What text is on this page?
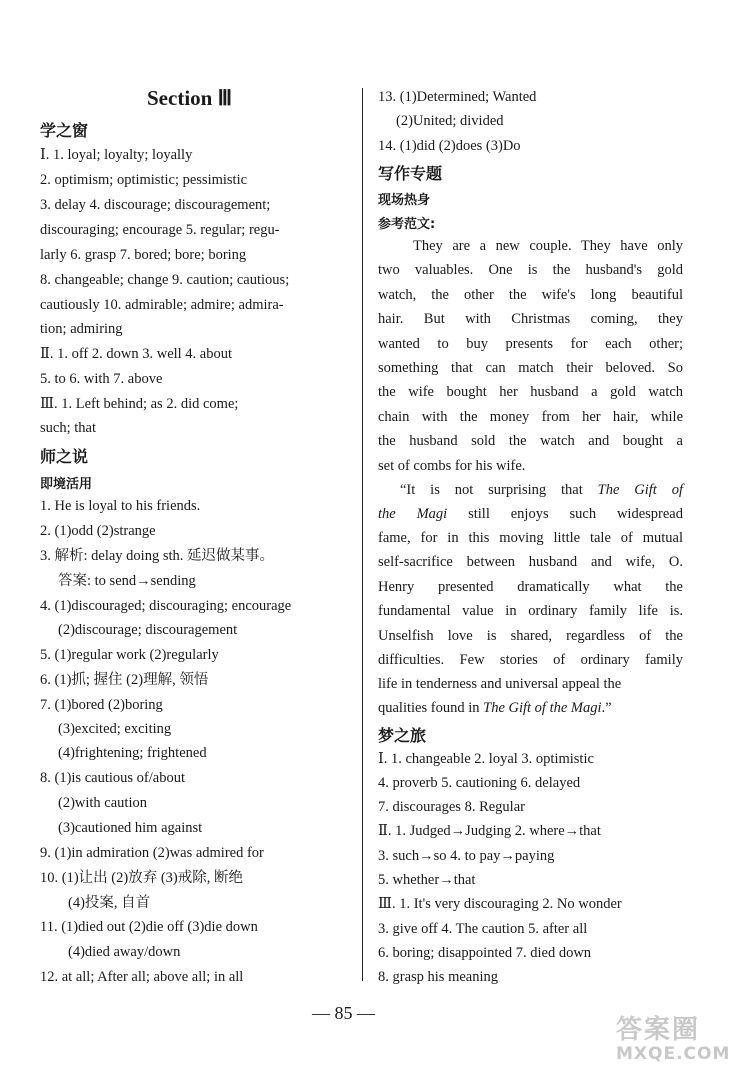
Section Ⅲ
学之窗
Ⅰ. 1. loyal; loyalty; loyally
2. optimism; optimistic; pessimistic
3. delay 4. discourage; discouragement;
discouraging; encourage 5. regular; regu-
larly 6. grasp 7. bored; bore; boring
8. changeable; change 9. caution; cautious;
cautiously 10. admirable; admire; admira-
tion; admiring
Ⅱ. 1. off 2. down 3. well 4. about
5. to 6. with 7. above
Ⅲ. 1. Left behind; as 2. did come;
such; that
师之说
即境活用
1. He is loyal to his friends.
2. (1)odd (2)strange
3. 解析: delay doing sth. 延迟做某事。
答案: to send→sending
4. (1)discouraged; discouraging; encourage
(2)discourage; discouragement
5. (1)regular work (2)regularly
6. (1)抓; 握住 (2)理解, 领悟
7. (1)bored (2)boring
(3)excited; exciting
(4)frightening; frightened
8. (1)is cautious of/about
(2)with caution
(3)cautioned him against
9. (1)in admiration (2)was admired for
10. (1)让出 (2)放弃 (3)戒除, 断绝
(4)投案, 自首
11. (1)died out (2)die off (3)die down
(4)died away/down
12. at all; After all; above all; in all
13. (1)Determined; Wanted
(2)United; divided
14. (1)did (2)does (3)Do
写作专题
现场热身
参考范文:
They are a new couple. They have only
two valuables. One is the husband's gold
watch, the other the wife's long beautiful
hair. But with Christmas coming, they
wanted to buy presents for each other;
something that can match their beloved. So
the wife bought her husband a gold watch
chain with the money from her hair, while
the husband sold the watch and bought a
set of combs for his wife.
“It is not surprising that The Gift of
the Magi still enjoys such widespread
fame, for in this moving little tale of mutual
self-sacrifice between husband and wife, O.
Henry presented dramatically what the
fundamental value in ordinary family life is.
Unselfish love is shared, regardless of the
difficulties. Few stories of ordinary family
life in tenderness and universal appeal the
qualities found in The Gift of the Magi.”
梦之旅
Ⅰ. 1. changeable 2. loyal 3. optimistic
4. proverb 5. cautioning 6. delayed
7. discourages 8. Regular
Ⅱ. 1. Judged→Judging 2. where→that
3. such→so 4. to pay→paying
5. whether→that
Ⅲ. 1. It's very discouraging 2. No wonder
3. give off 4. The caution 5. after all
6. boring; disappointed 7. died down
8. grasp his meaning
— 85 —
答案圈
MXQE.COM
